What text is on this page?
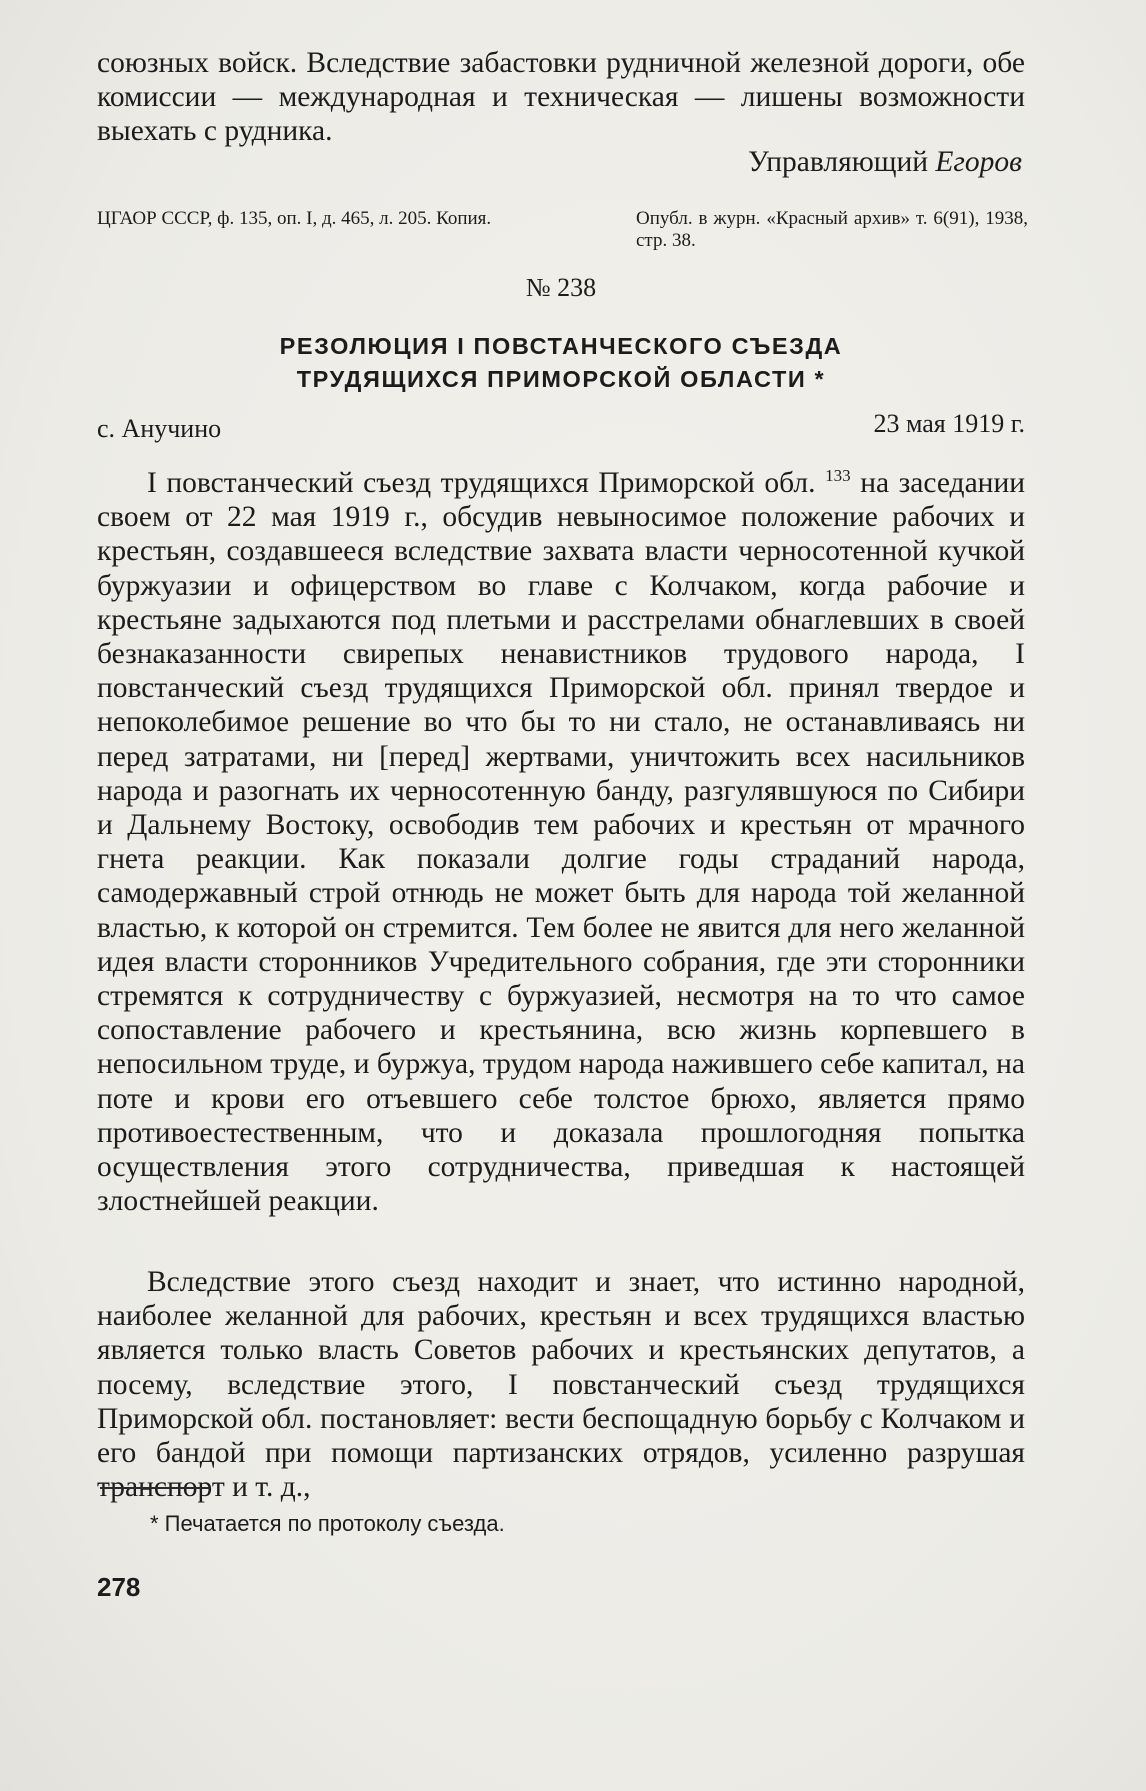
союзных войск. Вследствие забастовки рудничной железной дороги, обе комиссии — международная и техническая — лишены возможности выехать с рудника.

Управляющий Егоров
ЦГАОР СССР, ф. 135, оп. I, д. 465, л. 205. Копия.	Опубл. в журн. «Красный архив» т. 6(91), 1938, стр. 38.
№ 238
РЕЗОЛЮЦИЯ I ПОВСТАНЧЕСКОГО СЪЕЗДА
ТРУДЯЩИХСЯ ПРИМОРСКОЙ ОБЛАСТИ *
с. Анучино	23 мая 1919 г.

I повстанческий съезд трудящихся Приморской обл. $^{133}$ на заседании своем от 22 мая 1919 г., обсудив невыносимое положение рабочих и крестьян, создавшееся вследствие захвата власти черносотенной кучкой буржуазии и офицерством во главе с Колчаком, когда рабочие и крестьяне задыхаются под плетьми и расстрелами обнаглевших в своей безнаказанности свирепых ненавистников трудового народа, I повстанческий съезд трудящихся Приморской обл. принял твердое и непоколебимое решение во что бы то ни стало, не останавливаясь ни перед затратами, ни [перед] жертвами, уничтожить всех насильников народа и разогнать их черносотенную банду, разгулявшуюся по Сибири и Дальнему Востоку, освободив тем рабочих и крестьян от мрачного гнета реакции. Как показали долгие годы страданий народа, самодержавный строй отнюдь не может быть для народа той желанной властью, к которой он стремится. Тем более не явится для него желанной идея власти сторонников Учредительного собрания, где эти сторонники стремятся к сотрудничеству с буржуазией, несмотря на то что самое сопоставление рабочего и крестьянина, всю жизнь корпевшего в непосильном труде, и буржуа, трудом народа нажившего себе капитал, на поте и крови его отъевшего себе толстое брюхо, является прямо противоестественным, что и доказала прошлогодняя попытка осуществления этого сотрудничества, приведшая к настоящей злостнейшей реакции.

Вследствие этого съезд находит и знает, что истинно народной, наиболее желанной для рабочих, крестьян и всех трудящихся властью является только власть Советов рабочих и крестьянских депутатов, а посему, вследствие этого, I повстанческий съезд трудящихся Приморской обл. постановляет: вести беспощадную борьбу с Колчаком и его бандой при помощи партизанских отрядов, усиленно разрушая транспорт и т. д.,

* Печатается по протоколу съезда.
278
